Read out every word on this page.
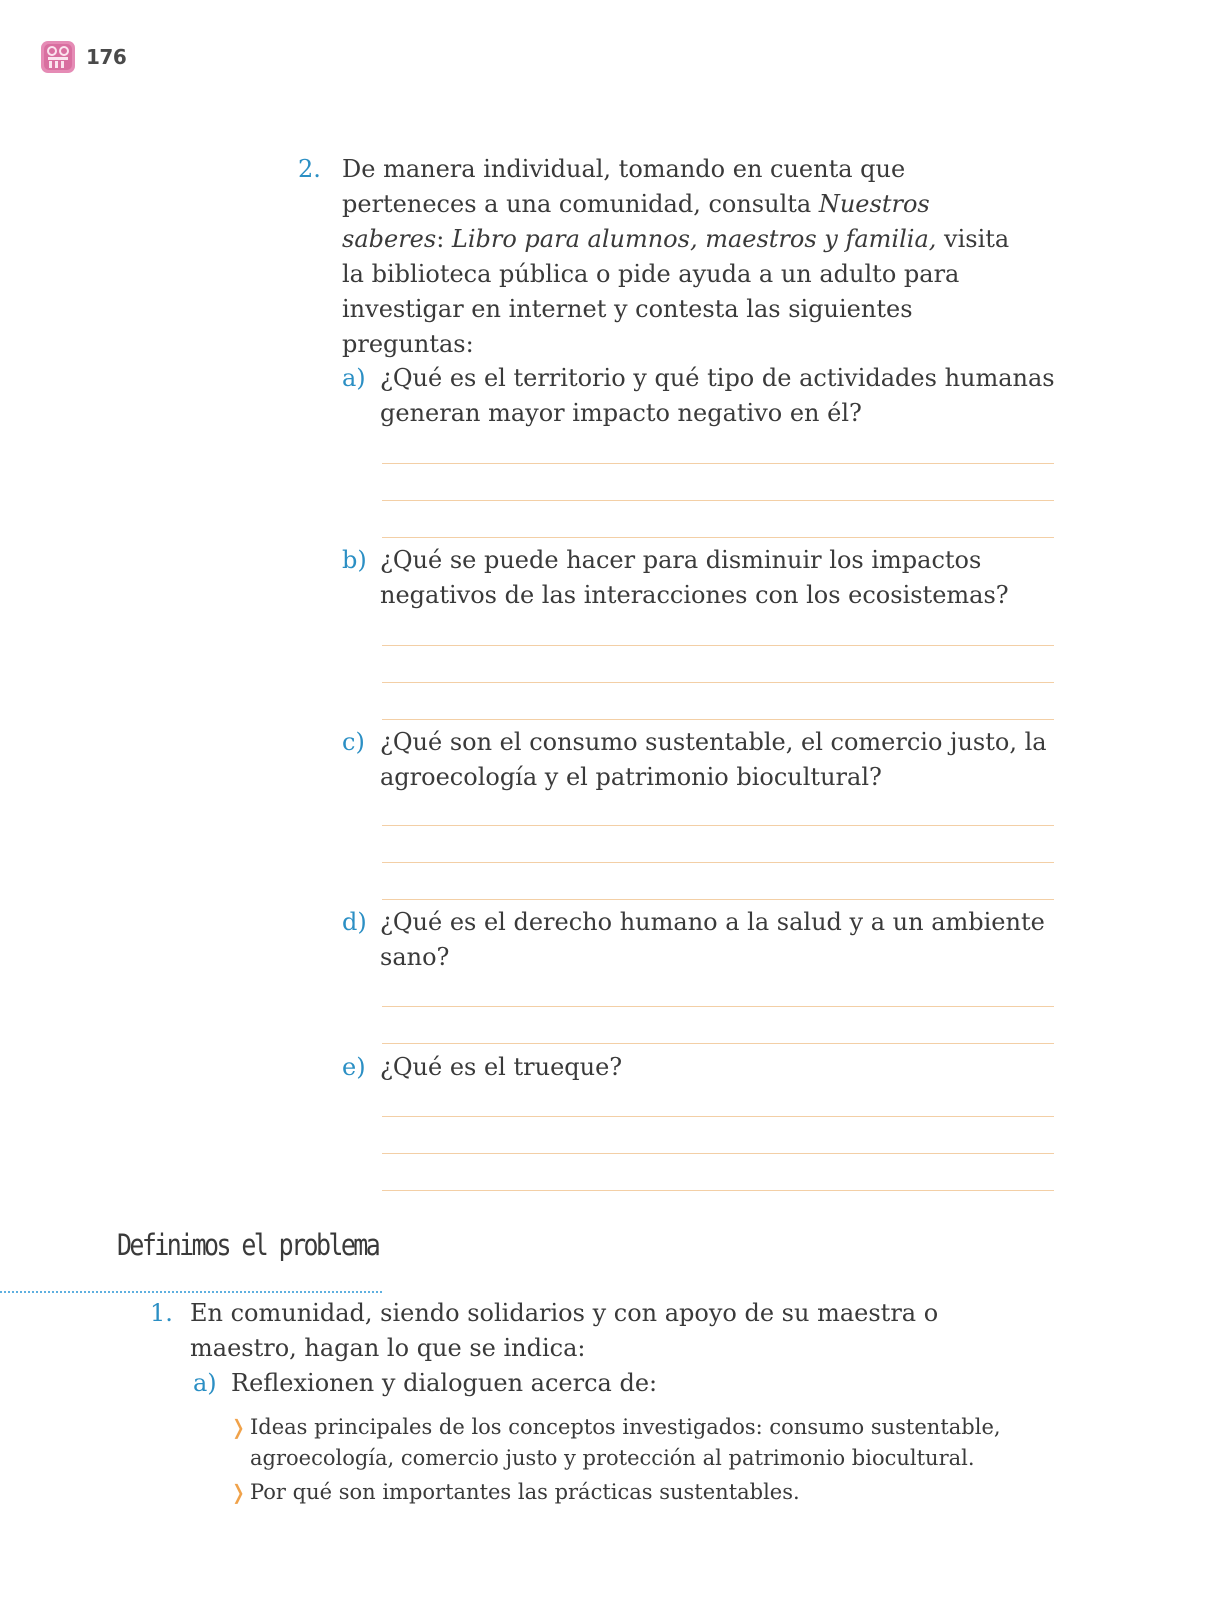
176
2. De manera individual, tomando en cuenta que perteneces a una comunidad, consulta Nuestros saberes: Libro para alumnos, maestros y familia, visita la biblioteca pública o pide ayuda a un adulto para investigar en internet y contesta las siguientes preguntas:
a) ¿Qué es el territorio y qué tipo de actividades humanas generan mayor impacto negativo en él?
b) ¿Qué se puede hacer para disminuir los impactos negativos de las interacciones con los ecosistemas?
c) ¿Qué son el consumo sustentable, el comercio justo, la agroecología y el patrimonio biocultural?
d) ¿Qué es el derecho humano a la salud y a un ambiente sano?
e) ¿Qué es el trueque?
Definimos el problema
1. En comunidad, siendo solidarios y con apoyo de su maestra o maestro, hagan lo que se indica:
a) Reflexionen y dialoguen acerca de:
❭ Ideas principales de los conceptos investigados: consumo sustentable, agroecología, comercio justo y protección al patrimonio biocultural.
❭ Por qué son importantes las prácticas sustentables.
